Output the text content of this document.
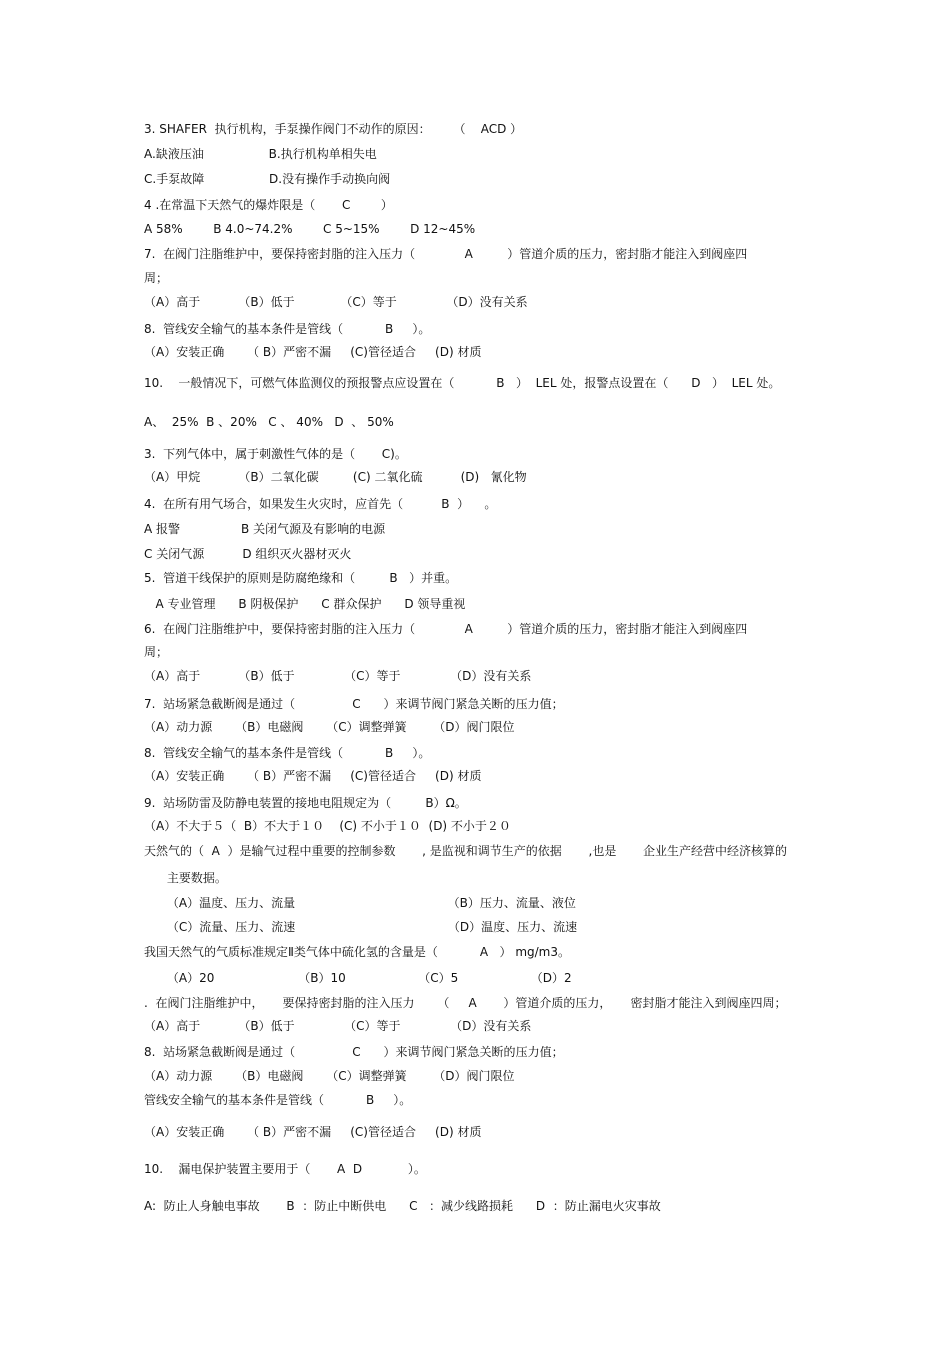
3. SHAFER  执行机构，手泵操作阀门不动作的原因：      （    ACD ）
A.缺液压油                 B.执行机构单相失电
C.手泵故障                 D.没有操作手动换向阀
4 .在常温下天然气的爆炸限是（       C        ）
A 58%        B 4.0~74.2%        C 5~15%        D 12~45%
7.  在阀门注脂维护中，要保持密封脂的注入压力（             A         ）管道介质的压力，密封脂才能注入到阀座四
周；
（A）高于          （B）低于            （C）等于             （D）没有关系
8.  管线安全输气的基本条件是管线（           B     ）。
（A）安装正确      （ B）严密不漏     (C)管径适合     (D) 材质
10.    一般情况下，可燃气体监测仪的预报警点应设置在（           B   ）  LEL 处，报警点设置在（      D   ）  LEL 处。
A、  25%  B 、20%   C 、 40%   D  、 50%
3.  下列气体中，属于刺激性气体的是（       C)。
（A）甲烷          （B）二氧化碳         (C) 二氧化硫          (D)   氰化物
4.  在所有用气场合，如果发生火灾时，应首先（          B  ）    。
A 报警                B 关闭气源及有影响的电源
C 关闭气源          D 组织灭火器材灭火
5.  管道干线保护的原则是防腐绝缘和（         B   ）并重。
A 专业管理      B 阴极保护      C 群众保护      D 领导重视
6.  在阀门注脂维护中，要保持密封脂的注入压力（             A         ）管道介质的压力，密封脂才能注入到阀座四
周；
（A）高于          （B）低于             （C）等于             （D）没有关系
7.  站场紧急截断阀是通过（               C      ）来调节阀门紧急关断的压力值；
（A）动力源      （B）电磁阀      （C）调整弹簧       （D）阀门限位
8.  管线安全输气的基本条件是管线（           B     ）。
（A）安装正确      （ B）严密不漏     (C)管径适合     (D) 材质
9.  站场防雷及防静电装置的接地电阻规定为（         B）Ω。
（A）不大于５（  B）不大于１０    (C) 不小于１０  (D) 不小于２０
天然气的（  A  ）是输气过程中重要的控制参数       , 是监视和调节生产的依据       ,也是       企业生产经营中经济核算的
主要数据。
（A）温度、压力、流量                                        （B）压力、流量、液位
（C）流量、压力、流速                                        （D）温度、压力、流速
我国天然气的气质标准规定Ⅱ类气体中硫化氢的含量是（           A   ） mg/m3。
（A）20                      （B）10                   （C）5                   （D）2
.  在阀门注脂维护中，     要保持密封脂的注入压力      （     A       ）管道介质的压力，     密封脂才能注入到阀座四周；
（A）高于          （B）低于             （C）等于             （D）没有关系
8.  站场紧急截断阀是通过（               C      ）来调节阀门紧急关断的压力值；
（A）动力源      （B）电磁阀      （C）调整弹簧       （D）阀门限位
管线安全输气的基本条件是管线（           B     ）。
（A）安装正确      （ B）严密不漏     (C)管径适合     (D) 材质
10.    漏电保护装置主要用于（       A  D            ）。
A:  防止人身触电事故       B  ：防止中断供电      C   ：减少线路损耗      D  ：防止漏电火灾事故
